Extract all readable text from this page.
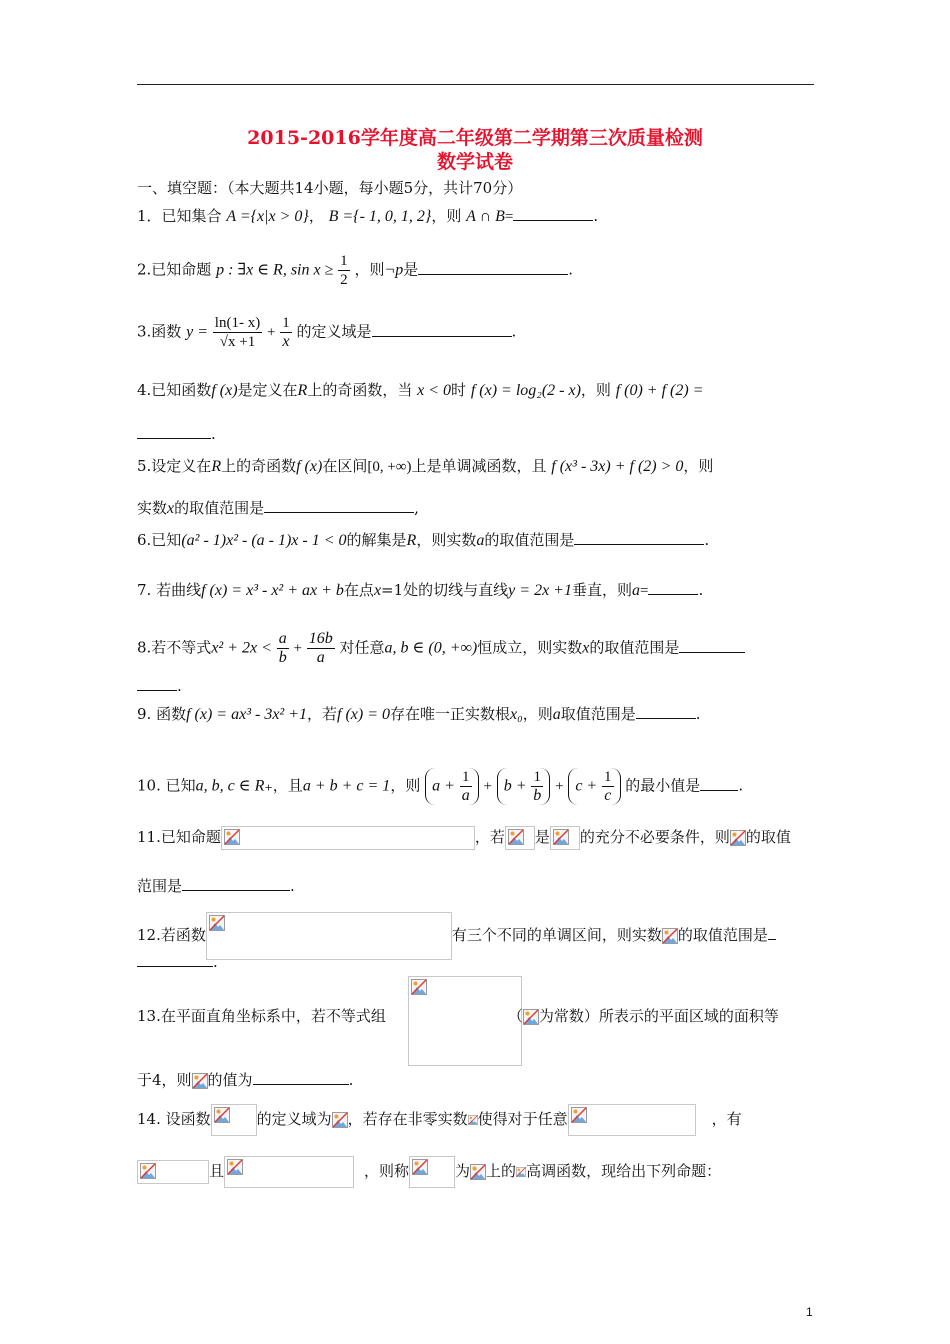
2015-2016学年度高二年级第二学期第三次质量检测
数学试卷
一、填空题：（本大题共14小题，每小题5分，共计70分）
1．已知集合 A ={x|x > 0}， B ={- 1, 0, 1, 2}，则 A ∩ B=	.
2.已知命题 p : ∃x ∈ R, $\sin x \ge \frac{1}{2}$ ，则¬p是	.
3.函数 $y = \frac{\ln(1- x)}{√x +1} + \frac{1}{x}$ 的定义域是	.
4.已知函数f (x)是定义在R上的奇函数，当 x < 0时 f (x) = log₂(2 - x)，则 f (0) + f (2) =
.
5.设定义在R上的奇函数f (x)在区间[0, +∞)上是单调减函数，且 f (x³ - 3x) + f (2) > 0，则
实数x的取值范围是	,
6.已知(a² - 1)x² - (a - 1)x - 1 < 0的解集是R，则实数a的取值范围是	.
7. 若曲线f (x) = x³ - x² + ax + b在点x=1处的切线与直线y = 2x +1垂直，则a=	.
8.若不等式$x^2 + 2x < \frac{a}{b} + \frac{16b}{a}$ 对任意a, b ∈ (0, +∞)恒成立，则实数x的取值范围是
.
9. 函数f (x) = ax³ - 3x² +1，若f (x) = 0存在唯一正实数根x₀，则a取值范围是	.
10. 已知a, b, c ∈ R₊，且a + b + c = 1，则 $a + \frac{1}{a} + b + \frac{1}{b} + c + \frac{1}{c}$ 的最小值是	.
11.已知命题	，若 是 的充分不必要条件，则 的取值
范围是	.
12.若函数	有三个不同的单调区间，则实数 的取值范围是
.
13.在平面直角坐标系中，若不等式组	（ 为常数）所表示的平面区域的面积等
于4，则 的值为	.
14. 设函数	的定义域为 ，若存在非零实数 使得对于任意	，有
且	，则称	为 上的 高调函数，现给出下列命题：
1
